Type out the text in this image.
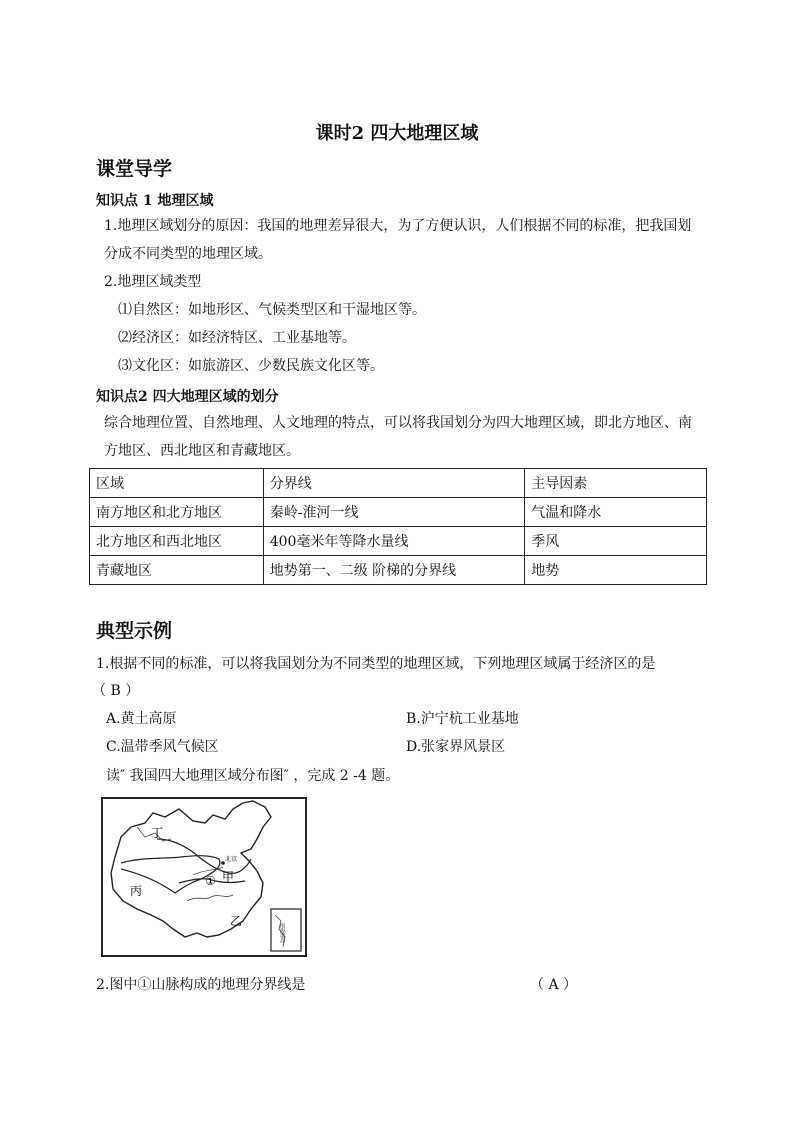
课时2 四大地理区域
课堂导学
知识点 1 地理区域
1.地理区域划分的原因：我国的地理差异很大，为了方便认识，人们根据不同的标准，把我国划
分成不同类型的地理区域。
2.地理区域类型
⑴自然区：如地形区、气候类型区和干湿地区等。
⑵经济区：如经济特区、工业基地等。
⑶文化区：如旅游区、少数民族文化区等。
知识点2 四大地理区域的划分
综合地理位置、自然地理、人文地理的特点，可以将我国划分为四大地理区域，即北方地区、南
方地区、西北地区和青藏地区。
区域	分界线	主导因素
南方地区和北方地区	秦岭-淮河一线	气温和降水
北方地区和西北地区	400毫米年等降水量线	季风
青藏地区	地势第一、二级 阶梯的分界线	地势
典型示例
1.根据不同的标准，可以将我国划分为不同类型的地理区域，下列地理区域属于经济区的是
（ B ）
A.黄土高原	B.沪宁杭工业基地
C.温带季风气候区	D.张家界风景区
读″ 我国四大地理区域分布图″ ，完成 2 -4 题。
丁
丙
① 甲
乙
北京
南海诸岛
2.图中①山脉构成的地理分界线是	（ A ）
